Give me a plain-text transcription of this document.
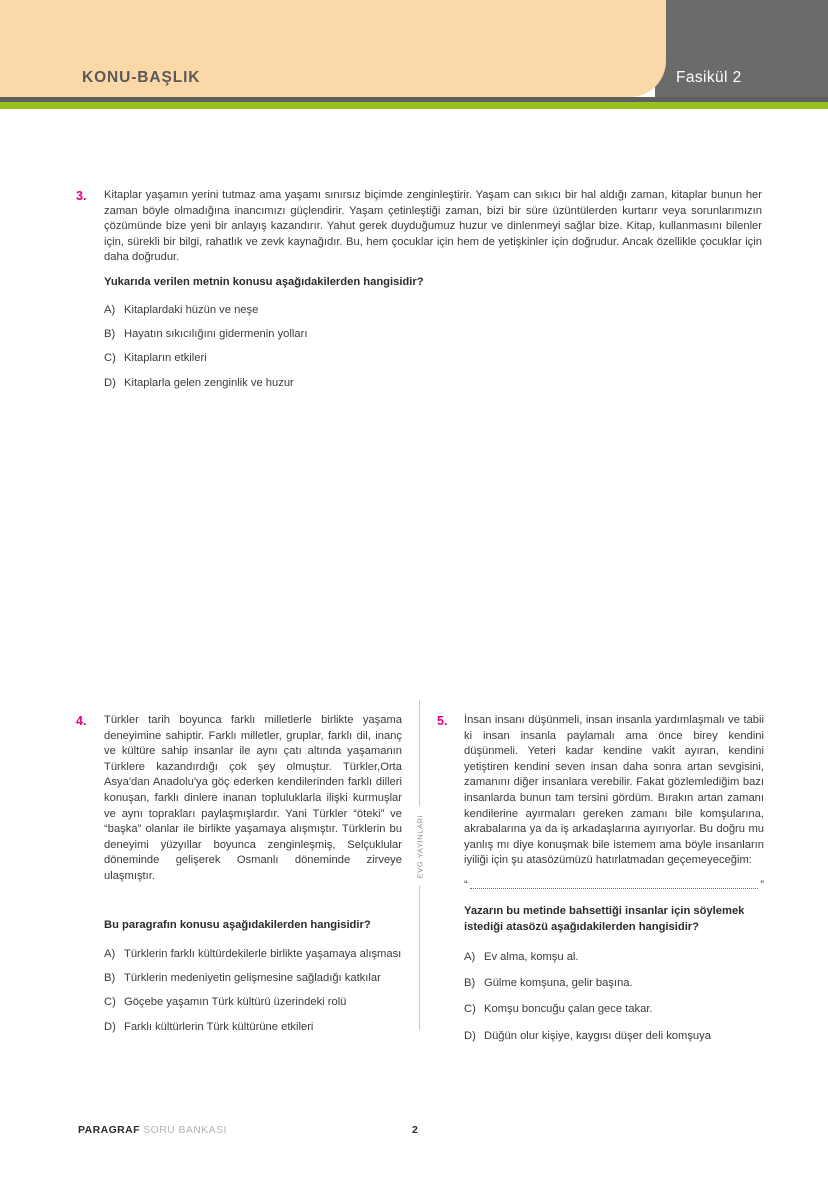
KONU-BAŞLIK	Fasikül 2
3. Kitaplar yaşamın yerini tutmaz ama yaşamı sınırsız biçimde zenginleştirir. Yaşam can sıkıcı bir hal aldığı zaman, kitaplar bunun her zaman böyle olmadığına inancımızı güçlendirir. Yaşam çetinleştiği zaman, bizi bir süre üzüntülerden kurtarır veya sorunlarımızın çözümünde bize yeni bir anlayış kazandırır. Yahut gerek duyduğumuz huzur ve dinlenmeyi sağlar bize. Kitap, kullanmasını bilenler için, sürekli bir bilgi, rahatlık ve zevk kaynağıdır. Bu, hem çocuklar için hem de yetişkinler için doğrudur. Ancak özellikle çocuklar için daha doğrudur.
Yukarıda verilen metnin konusu aşağıdakilerden hangisidir?
A) Kitaplardaki hüzün ve neşe
B) Hayatın sıkıcılığını gidermenin yolları
C) Kitapların etkileri
D) Kitaplarla gelen zenginlik ve huzur
EVG YAYINLARI
4. Türkler tarih boyunca farklı milletlerle birlikte yaşama deneyimine sahiptir. Farklı milletler, gruplar, farklı dil, inanç ve kültüre sahip insanlar ile aynı çatı altında yaşamanın Türklere kazandırdığı çok şey olmuştur. Türkler,Orta Asya'dan Anadolu'ya göç ederken kendilerinden farklı dilleri konuşan, farklı dinlere inanan topluluklarla ilişki kurmuşlar ve aynı toprakları paylaşmışlardır. Yani Türkler “öteki” ve “başka” olanlar ile birlikte yaşamaya alışmıştır. Türklerin bu deneyimi yüzyıllar boyunca zenginleşmiş, Selçuklular döneminde gelişerek Osmanlı döneminde zirveye ulaşmıştır.
Bu paragrafın konusu aşağıdakilerden hangisidir?
A) Türklerin farklı kültürdekilerle birlikte yaşamaya alışması
B) Türklerin medeniyetin gelişmesine sağladığı katkılar
C) Göçebe yaşamın Türk kültürü üzerindeki rolü
D) Farklı kültürlerin Türk kültürüne etkileri
5. İnsan insanı düşünmeli, insan insanla yardımlaşmalı ve tabii ki insan insanla paylamalı ama önce birey kendini düşünmeli. Yeteri kadar kendine vakit ayıran, kendini yetiştiren kendini seven insan daha sonra artan sevgisini, zamanını diğer insanlara verebilir. Fakat gözlemlediğim bazı insanlarda bunun tam tersini gördüm. Bırakın artan zamanı kendilerine ayırmaları gereken zamanı bile komşularına, akrabalarına ya da iş arkadaşlarına ayırıyorlar. Bu doğru mu yanlış mı diye konuşmak bile istemem ama böyle insanların iyiliği için şu atasözümüzü hatırlatmadan geçemeyeceğim:
“	”
Yazarın bu metinde bahsettiği insanlar için söylemek istediği atasözü aşağıdakilerden hangisidir?
A) Ev alma, komşu al.
B) Gülme komşuna, gelir başına.
C) Komşu boncuğu çalan gece takar.
D) Düğün olur kişiye, kaygısı düşer deli komşuya
PARAGRAF SORU BANKASI	2
